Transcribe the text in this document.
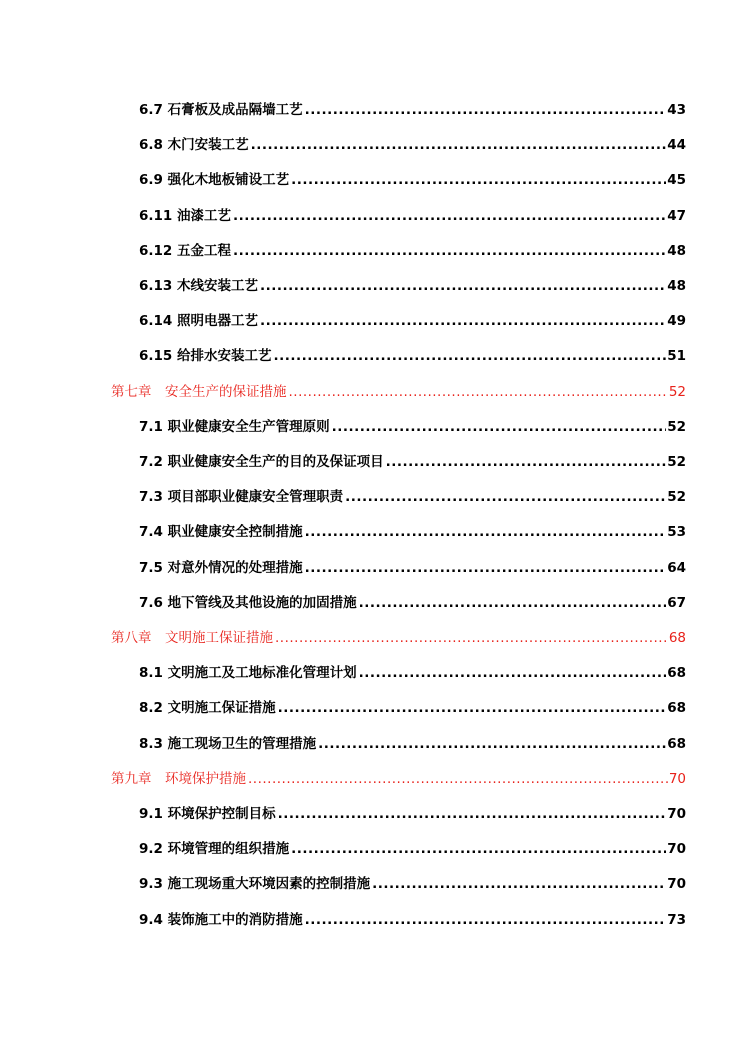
6.7 石膏板及成品隔墙工艺 .....	43
6.8 木门安装工艺 .....	44
6.9 强化木地板铺设工艺 .....	45
6.11 油漆工艺 .....	47
6.12 五金工程 .....	48
6.13 木线安装工艺 .....	48
6.14 照明电器工艺 .....	49
6.15 给排水安装工艺 .....	51
第七章　安全生产的保证措施 .....	52
7.1 职业健康安全生产管理原则 .....	52
7.2 职业健康安全生产的目的及保证项目 .....	52
7.3 项目部职业健康安全管理职责 .....	52
7.4 职业健康安全控制措施 .....	53
7.5 对意外情况的处理措施 .....	64
7.6 地下管线及其他设施的加固措施 .....	67
第八章　文明施工保证措施 .....	68
8.1 文明施工及工地标准化管理计划 .....	68
8.2 文明施工保证措施 .....	68
8.3 施工现场卫生的管理措施 .....	68
第九章　环境保护措施 .....	70
9.1 环境保护控制目标 .....	70
9.2 环境管理的组织措施 .....	70
9.3 施工现场重大环境因素的控制措施 .....	70
9.4 装饰施工中的消防措施 .....	73
